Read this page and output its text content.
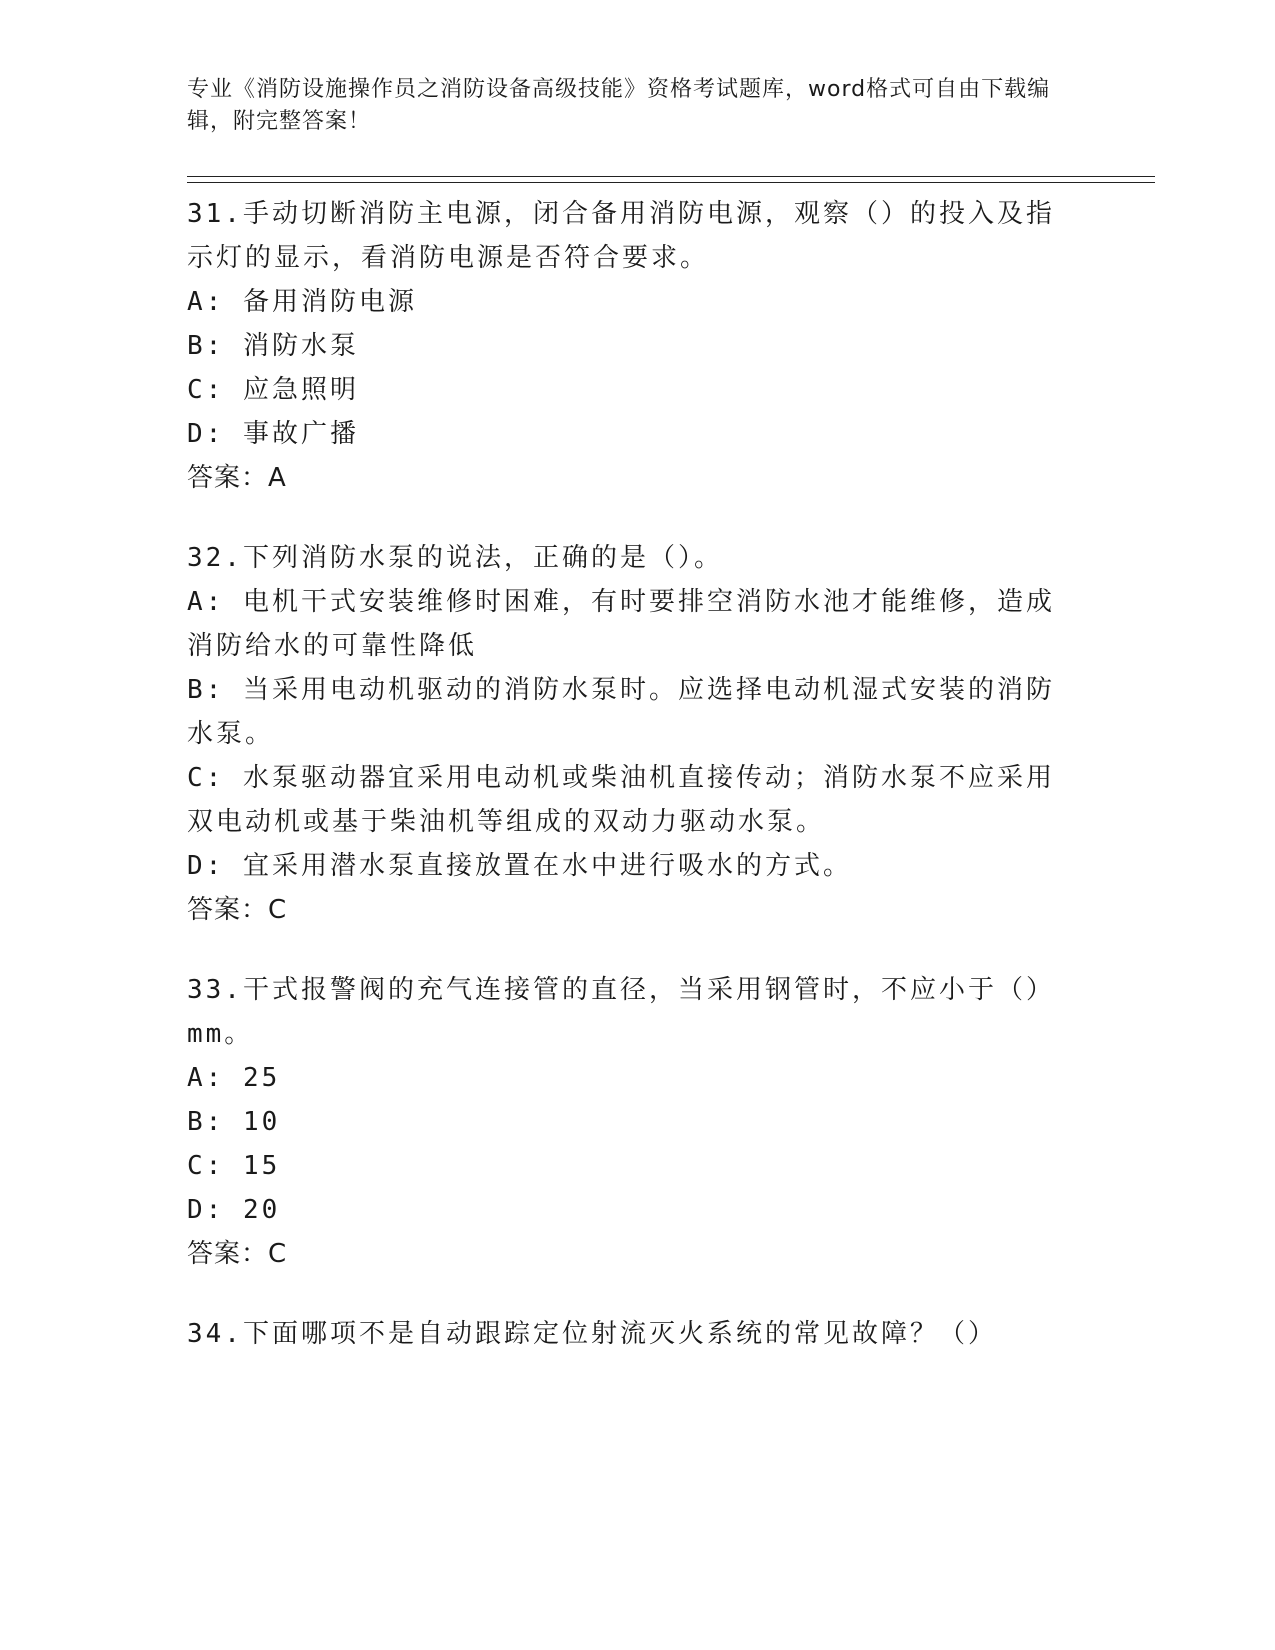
专业《消防设施操作员之消防设备高级技能》资格考试题库，word格式可自由下载编辑，附完整答案！
31.手动切断消防主电源，闭合备用消防电源，观察（）的投入及指示灯的显示，看消防电源是否符合要求。
A: 备用消防电源
B: 消防水泵
C: 应急照明
D: 事故广播
答案：A
32.下列消防水泵的说法，正确的是（）。
A: 电机干式安装维修时困难，有时要排空消防水池才能维修，造成消防给水的可靠性降低
B: 当采用电动机驱动的消防水泵时。应选择电动机湿式安装的消防水泵。
C: 水泵驱动器宜采用电动机或柴油机直接传动；消防水泵不应采用双电动机或基于柴油机等组成的双动力驱动水泵。
D: 宜采用潜水泵直接放置在水中进行吸水的方式。
答案：C
33.干式报警阀的充气连接管的直径，当采用钢管时，不应小于（）mm。
A: 25
B: 10
C: 15
D: 20
答案：C
34.下面哪项不是自动跟踪定位射流灭火系统的常见故障？（）
